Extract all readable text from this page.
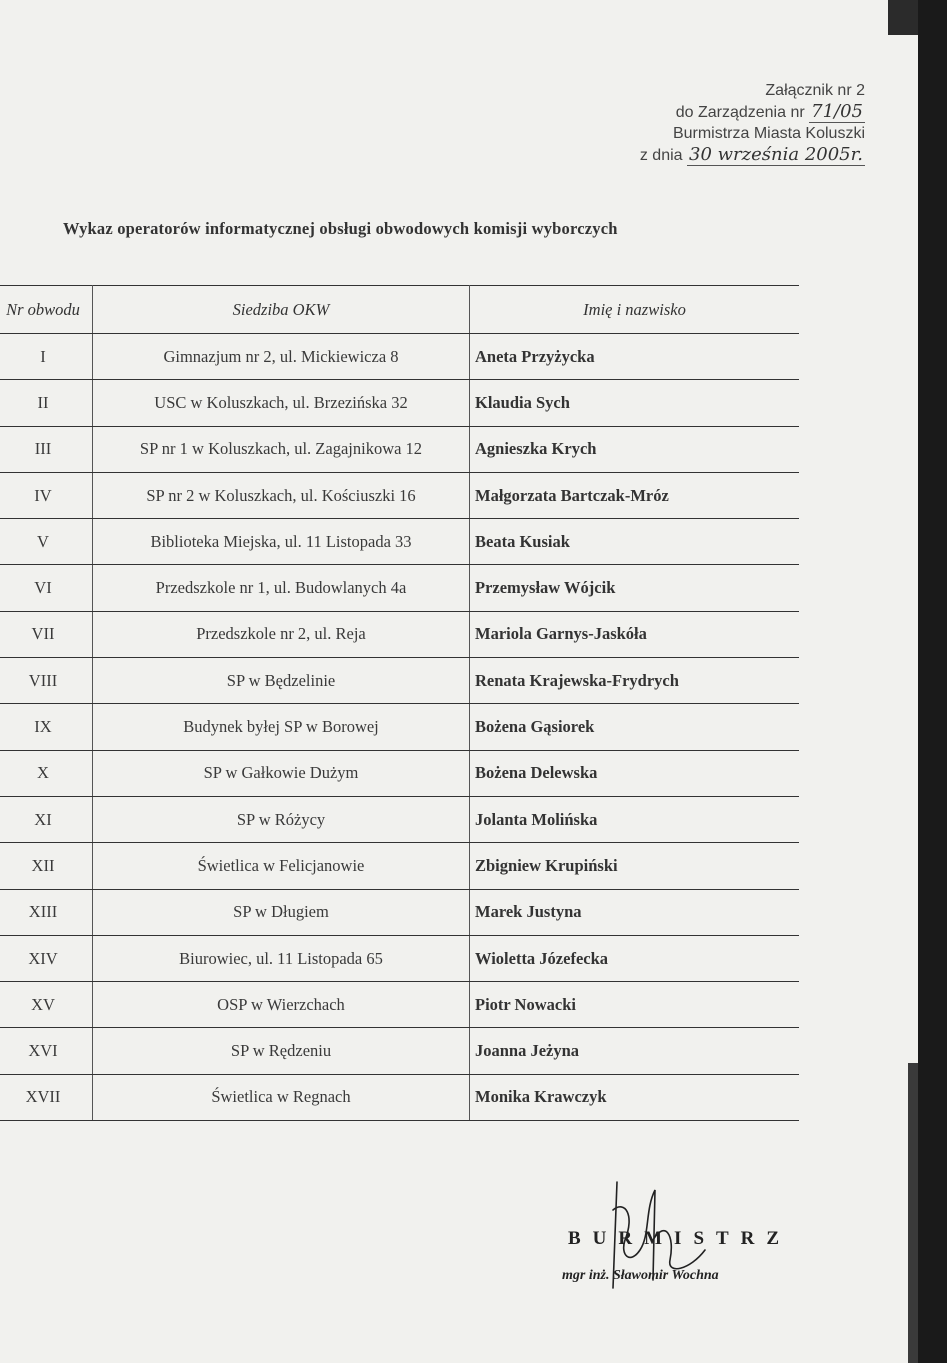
Załącznik nr 2
do Zarządzenia nr 71/05
Burmistrza Miasta Koluszki
z dnia 30 września 2005r.
Wykaz operatorów informatycznej obsługi obwodowych komisji wyborczych
Nr obwodu	Siedziba OKW	Imię i nazwisko
I	Gimnazjum nr 2, ul. Mickiewicza 8	Aneta Przyżycka
II	USC w Koluszkach, ul. Brzezińska 32	Klaudia Sych
III	SP nr 1 w Koluszkach, ul. Zagajnikowa 12	Agnieszka Krych
IV	SP nr 2 w Koluszkach, ul. Kościuszki 16	Małgorzata Bartczak-Mróz
V	Biblioteka Miejska, ul. 11 Listopada 33	Beata Kusiak
VI	Przedszkole nr 1, ul. Budowlanych 4a	Przemysław Wójcik
VII	Przedszkole nr 2, ul. Reja	Mariola Garnys-Jaskóła
VIII	SP w Będzelinie	Renata Krajewska-Frydrych
IX	Budynek byłej SP w Borowej	Bożena Gąsiorek
X	SP w Gałkowie Dużym	Bożena Delewska
XI	SP w Różycy	Jolanta Molińska
XII	Świetlica w Felicjanowie	Zbigniew Krupiński
XIII	SP w Długiem	Marek Justyna
XIV	Biurowiec, ul. 11 Listopada 65	Wioletta Józefecka
XV	OSP w Wierzchach	Piotr Nowacki
XVI	SP w Rędzeniu	Joanna Jeżyna
XVII	Świetlica w Regnach	Monika Krawczyk
BURMISTRZ
mgr inż. Sławomir Wochna
